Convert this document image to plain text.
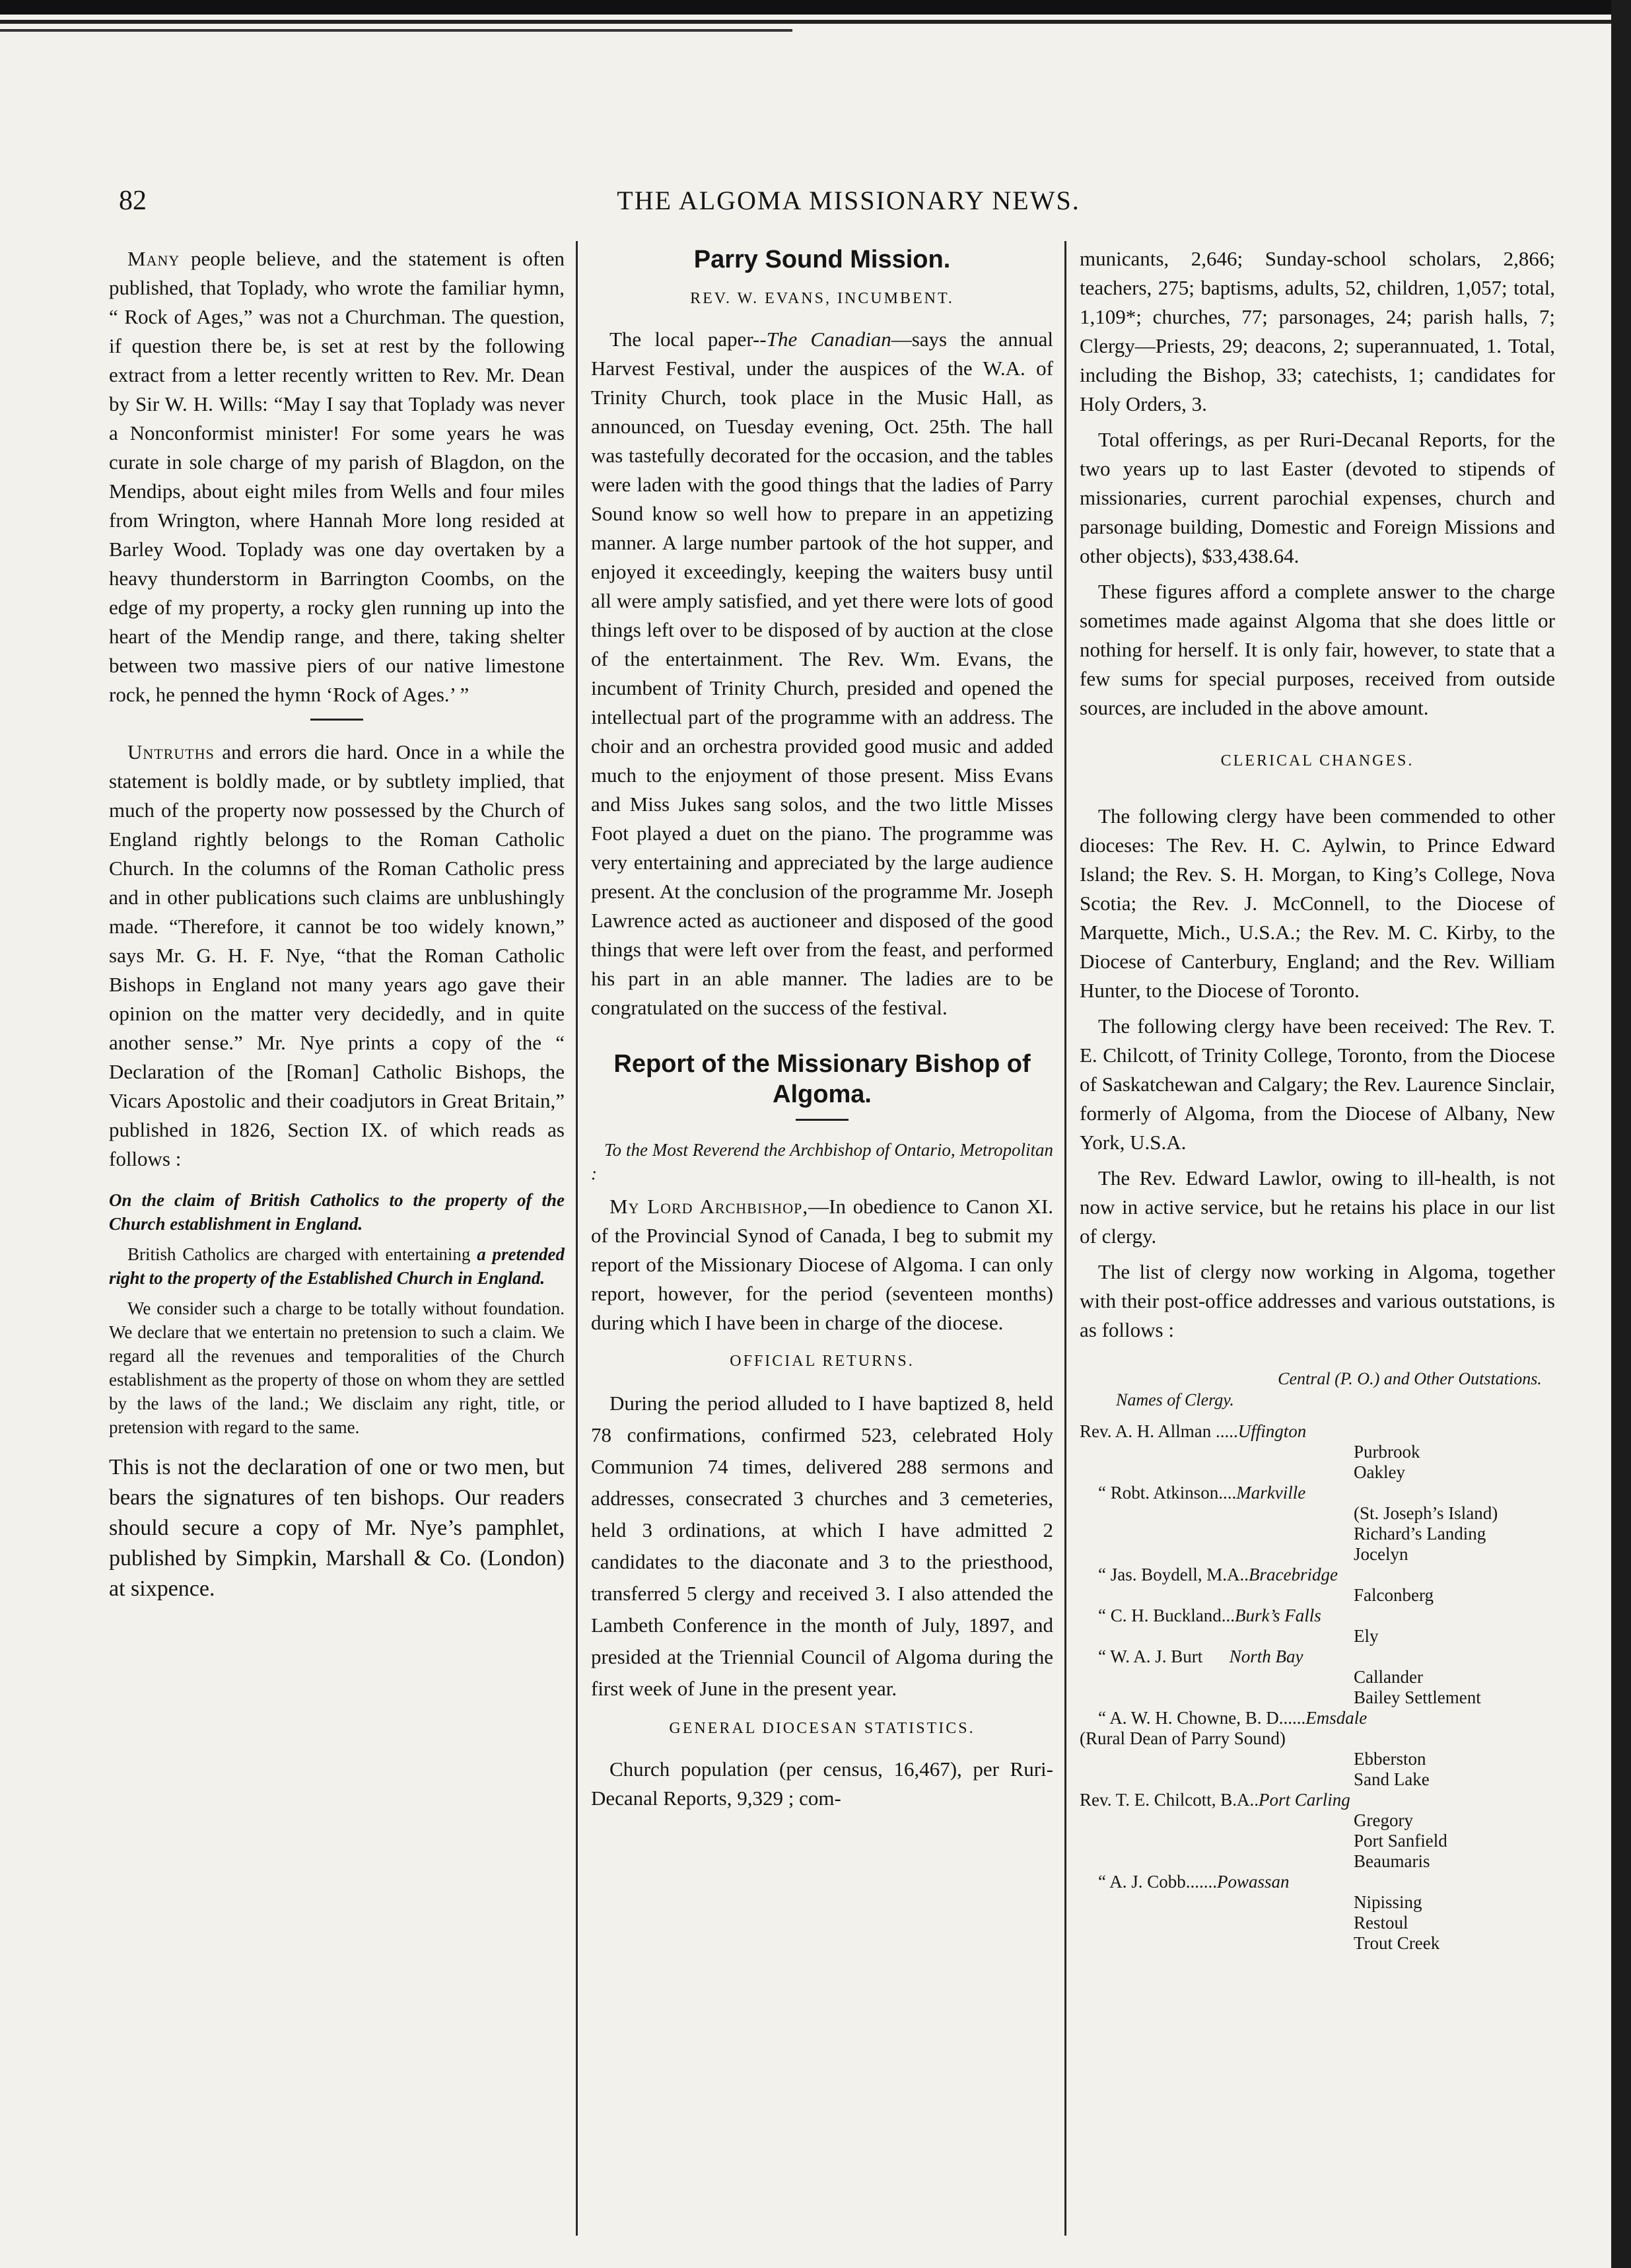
82	THE ALGOMA MISSIONARY NEWS.

Many people believe, and the statement is often published, that Toplady, who wrote the familiar hymn, “ Rock of Ages,” was not a Churchman. The question, if question there be, is set at rest by the following extract from a letter recently written to Rev. Mr. Dean by Sir W. H. Wills: “May I say that Toplady was never a Nonconformist minister! For some years he was curate in sole charge of my parish of Blagdon, on the Mendips, about eight miles from Wells and four miles from Wrington, where Hannah More long resided at Barley Wood. Toplady was one day overtaken by a heavy thunderstorm in Barrington Coombs, on the edge of my property, a rocky glen running up into the heart of the Mendip range, and there, taking shelter between two massive piers of our native limestone rock, he penned the hymn ‘Rock of Ages.’ ”

Untruths and errors die hard. Once in a while the statement is boldly made, or by subtlety implied, that much of the property now possessed by the Church of England rightly belongs to the Roman Catholic Church. In the columns of the Roman Catholic press and in other publications such claims are unblushingly made. “Therefore, it cannot be too widely known,” says Mr. G. H. F. Nye, “that the Roman Catholic Bishops in England not many years ago gave their opinion on the matter very decidedly, and in quite another sense.” Mr. Nye prints a copy of the “ Declaration of the [Roman] Catholic Bishops, the Vicars Apostolic and their coadjutors in Great Britain,” published in 1826, Section IX. of which reads as follows :

On the claim of British Catholics to the property of the Church establishment in England.

British Catholics are charged with entertaining a pretended right to the property of the Established Church in England.

We consider such a charge to be totally without foundation. We declare that we entertain no pretension to such a claim. We regard all the revenues and temporalities of the Church establishment as the property of those on whom they are settled by the laws of the land.; We disclaim any right, title, or pretension with regard to the same.

This is not the declaration of one or two men, but bears the signatures of ten bishops. Our readers should secure a copy of Mr. Nye’s pamphlet, published by Simpkin, Marshall & Co. (London) at sixpence.

Parry Sound Mission.
REV. W. EVANS, INCUMBENT.

The local paper--The Canadian—says the annual Harvest Festival, under the auspices of the W.A. of Trinity Church, took place in the Music Hall, as announced, on Tuesday evening, Oct. 25th. The hall was tastefully decorated for the occasion, and the tables were laden with the good things that the ladies of Parry Sound know so well how to prepare in an appetizing manner. A large number partook of the hot supper, and enjoyed it exceedingly, keeping the waiters busy until all were amply satisfied, and yet there were lots of good things left over to be disposed of by auction at the close of the entertainment. The Rev. Wm. Evans, the incumbent of Trinity Church, presided and opened the intellectual part of the programme with an address. The choir and an orchestra provided good music and added much to the enjoyment of those present. Miss Evans and Miss Jukes sang solos, and the two little Misses Foot played a duet on the piano. The programme was very entertaining and appreciated by the large audience present. At the conclusion of the programme Mr. Joseph Lawrence acted as auctioneer and disposed of the good things that were left over from the feast, and performed his part in an able manner. The ladies are to be congratulated on the success of the festival.

Report of the Missionary Bishop of Algoma.

To the Most Reverend the Archbishop of Ontario, Metropolitan :

My Lord Archbishop,—In obedience to Canon XI. of the Provincial Synod of Canada, I beg to submit my report of the Missionary Diocese of Algoma. I can only report, however, for the period (seventeen months) during which I have been in charge of the diocese.

OFFICIAL RETURNS.

During the period alluded to I have baptized 8, held 78 confirmations, confirmed 523, celebrated Holy Communion 74 times, delivered 288 sermons and addresses, consecrated 3 churches and 3 cemeteries, held 3 ordinations, at which I have admitted 2 candidates to the diaconate and 3 to the priesthood, transferred 5 clergy and received 3. I also attended the Lambeth Conference in the month of July, 1897, and presided at the Triennial Council of Algoma during the first week of June in the present year.

GENERAL DIOCESAN STATISTICS.

Church population (per census, 16,467), per Ruri-Decanal Reports, 9,329 ; com-

municants, 2,646; Sunday-school scholars, 2,866; teachers, 275; baptisms, adults, 52, children, 1,057; total, 1,109*; churches, 77; parsonages, 24; parish halls, 7; Clergy—Priests, 29; deacons, 2; superannuated, 1. Total, including the Bishop, 33; catechists, 1; candidates for Holy Orders, 3.

Total offerings, as per Ruri-Decanal Reports, for the two years up to last Easter (devoted to stipends of missionaries, current parochial expenses, church and parsonage building, Domestic and Foreign Missions and other objects), $33,438.64.

These figures afford a complete answer to the charge sometimes made against Algoma that she does little or nothing for herself. It is only fair, however, to state that a few sums for special purposes, received from outside sources, are included in the above amount.

CLERICAL CHANGES.

The following clergy have been commended to other dioceses: The Rev. H. C. Aylwin, to Prince Edward Island; the Rev. S. H. Morgan, to King’s College, Nova Scotia; the Rev. J. McConnell, to the Diocese of Marquette, Mich., U.S.A.; the Rev. M. C. Kirby, to the Diocese of Canterbury, England; and the Rev. William Hunter, to the Diocese of Toronto.

The following clergy have been received: The Rev. T. E. Chilcott, of Trinity College, Toronto, from the Diocese of Saskatchewan and Calgary; the Rev. Laurence Sinclair, formerly of Algoma, from the Diocese of Albany, New York, U.S.A.

The Rev. Edward Lawlor, owing to ill-health, is not now in active service, but he retains his place in our list of clergy.

The list of clergy now working in Algoma, together with their post-office addresses and various outstations, is as follows :

Names of Clergy.
Central (P. O.) and Other Outstations.

Rev. A. H. Allman .....Uffington

Purbrook

Oakley

“ Robt. Atkinson....Markville

(St. Joseph’s Island)

Richard’s Landing

Jocelyn

“ Jas. Boydell, M.A..Bracebridge

Falconberg

“ C. H. Buckland...Burk’s Falls

Ely

“ W. A. J. Burt North Bay

Callander

Bailey Settlement

“ A. W. H. Chowne, B. D......Emsdale

(Rural Dean of Parry Sound)

Ebberston

Sand Lake

Rev. T. E. Chilcott, B.A..Port Carling

Gregory

Port Sanfield

Beaumaris

“ A. J. Cobb.......Powassan

Nipissing

Restoul

Trout Creek
